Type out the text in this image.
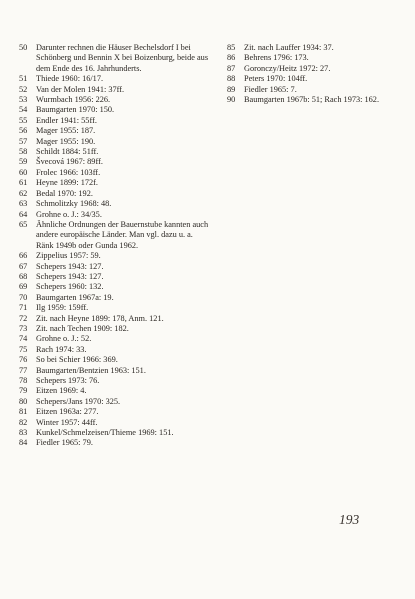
50	Darunter rechnen die Häuser Bechelsdorf I bei Schönberg und Bennin X bei Boizenburg, beide aus dem Ende des 16. Jahrhunderts.
51	Thiede 1960: 16/17.
52	Van der Molen 1941: 37ff.
53	Wurmbach 1956: 226.
54	Baumgarten 1970: 150.
55	Endler 1941: 55ff.
56	Mager 1955: 187.
57	Mager 1955: 190.
58	Schildt 1884: 51ff.
59	Švecová 1967: 89ff.
60	Frolec 1966: 103ff.
61	Heyne 1899: 172f.
62	Bedal 1970: 192.
63	Schmolitzky 1968: 48.
64	Grohne o. J.: 34/35.
65	Ähnliche Ordnungen der Bauernstube kannten auch andere europäische Länder. Man vgl. dazu u. a. Ränk 1949b oder Gunda 1962.
66	Zippelius 1957: 59.
67	Schepers 1943: 127.
68	Schepers 1943: 127.
69	Schepers 1960: 132.
70	Baumgarten 1967a: 19.
71	Ilg 1959: 159ff.
72	Zit. nach Heyne 1899: 178, Anm. 121.
73	Zit. nach Techen 1909: 182.
74	Grohne o. J.: 52.
75	Rach 1974: 33.
76	So bei Schier 1966: 369.
77	Baumgarten/Bentzien 1963: 151.
78	Schepers 1973: 76.
79	Eitzen 1969: 4.
80	Schepers/Jans 1970: 325.
81	Eitzen 1963a: 277.
82	Winter 1957: 44ff.
83	Kunkel/Schmelzeisen/Thieme 1969: 151.
84	Fiedler 1965: 79.
85	Zit. nach Lauffer 1934: 37.
86	Behrens 1796: 173.
87	Goronczy/Heitz 1972: 27.
88	Peters 1970: 104ff.
89	Fiedler 1965: 7.
90	Baumgarten 1967b: 51; Rach 1973: 162.
193
